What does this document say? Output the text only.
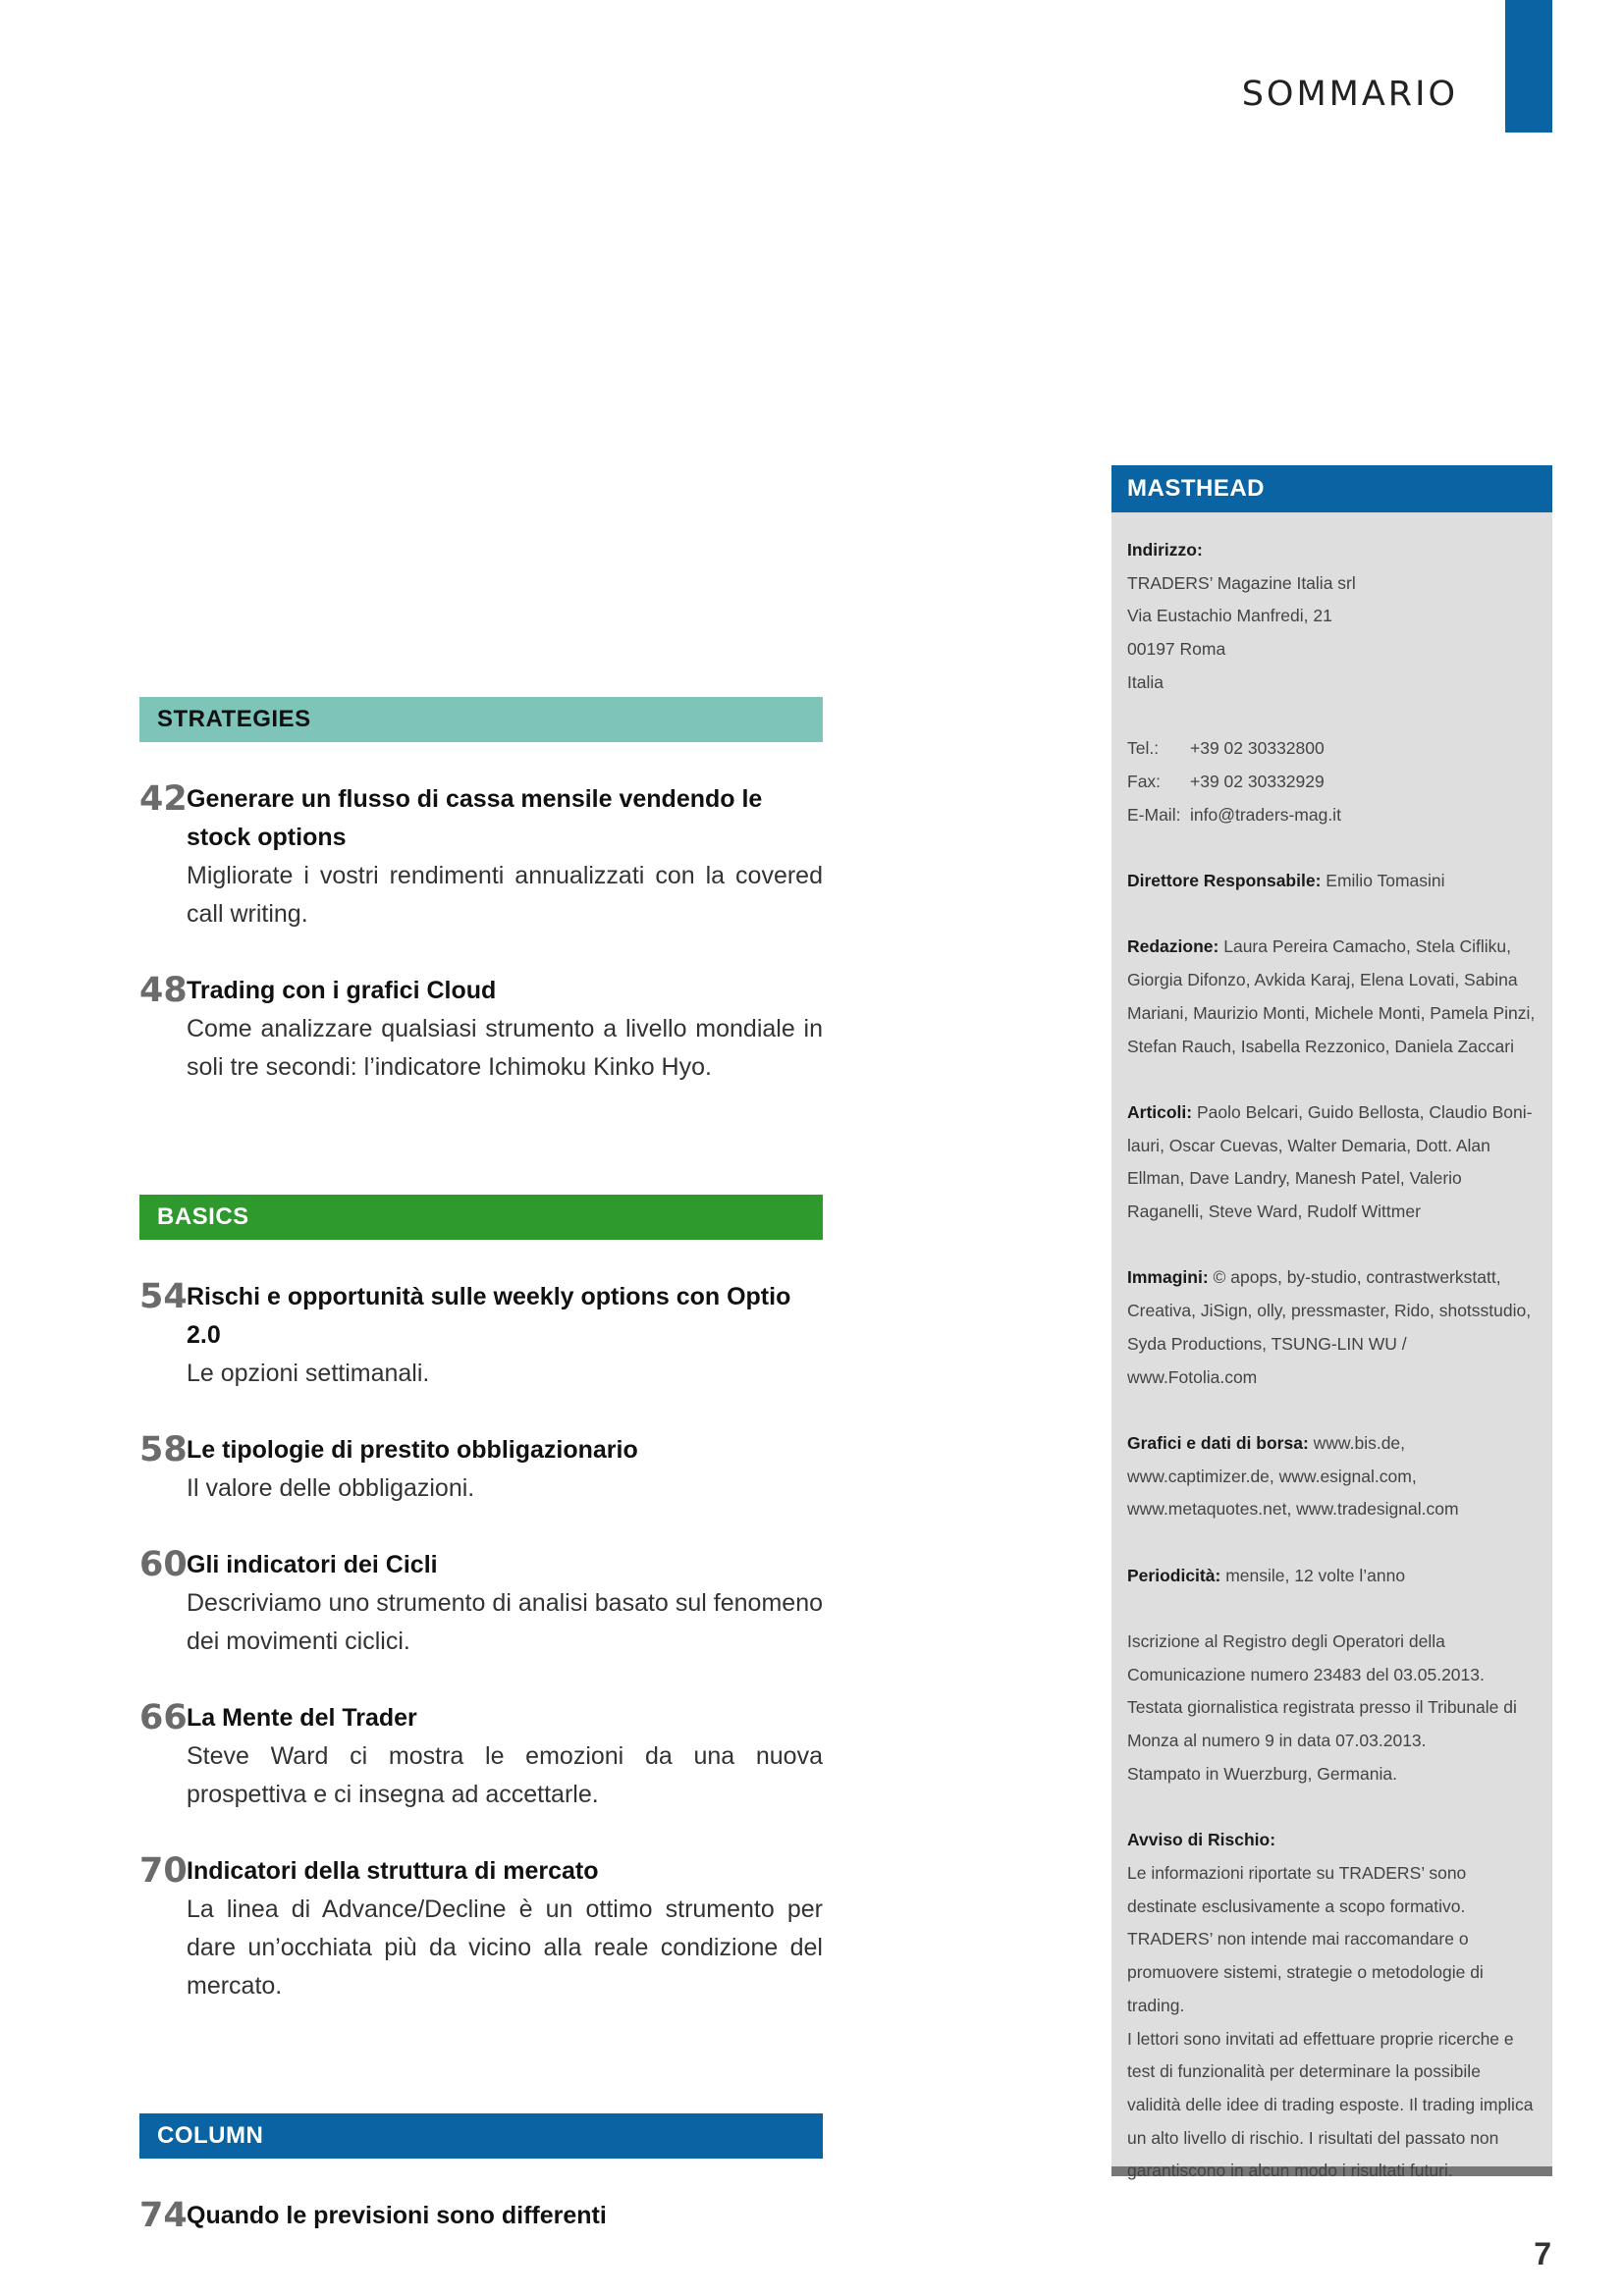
SOMMARIO
STRATEGIES
42 Generare un flusso di cassa mensile vendendo le stock options
Migliorate i vostri rendimenti annualizzati con la covered call writing.
48 Trading con i grafici Cloud
Come analizzare qualsiasi strumento a livello mondiale in soli tre secondi: l’indicatore Ichimoku Kinko Hyo.
BASICS
54 Rischi e opportunità sulle weekly options con Optio 2.0
Le opzioni settimanali.
58 Le tipologie di prestito obbligazionario
Il valore delle obbligazioni.
60 Gli indicatori dei Cicli
Descriviamo uno strumento di analisi basato sul fenomeno dei movimenti ciclici.
66 La Mente del Trader
Steve Ward ci mostra le emozioni da una nuova prospettiva e ci insegna ad accettarle.
70 Indicatori della struttura di mercato
La linea di Advance/Decline è un ottimo strumento per dare un’occhiata più da vicino alla reale condizione del mercato.
COLUMN
74 Quando le previsioni sono differenti
MASTHEAD
Indirizzo:
TRADERS’ Magazine Italia srl
Via Eustachio Manfredi, 21
00197 Roma
Italia
Tel.:	+39 02 30332800
Fax:	+39 02 30332929
E-Mail: info@traders-mag.it
Direttore Responsabile: Emilio Tomasini
Redazione: Laura Pereira Camacho, Stela Cifliku, Giorgia Difonzo, Avkida Karaj, Elena Lovati, Sabina Mariani, Maurizio Monti, Michele Monti, Pamela Pinzi, Stefan Rauch, Isabella Rezzonico, Daniela Zaccari
Articoli: Paolo Belcari, Guido Bellosta, Claudio Boni-lauri, Oscar Cuevas, Walter Demaria, Dott. Alan Ellman, Dave Landry, Manesh Patel, Valerio Raganelli, Steve Ward, Rudolf Wittmer
Immagini: © apops, by-studio, contrastwerkstatt, Creativa, JiSign, olly, pressmaster, Rido, shotsstudio, Syda Productions, TSUNG-LIN WU / www.Fotolia.com
Grafici e dati di borsa: www.bis.de, www.captimizer.de, www.esignal.com, www.metaquotes.net, www.tradesignal.com
Periodicità: mensile, 12 volte l’anno
Iscrizione al Registro degli Operatori della Comunicazione numero 23483 del 03.05.2013.
Testata giornalistica registrata presso il Tribunale di Monza al numero 9 in data 07.03.2013.
Stampato in Wuerzburg, Germania.
Avviso di Rischio:
Le informazioni riportate su TRADERS’ sono destinate esclusivamente a scopo formativo. TRADERS’ non intende mai raccomandare o promuovere sistemi, strategie o metodologie di trading.
I lettori sono invitati ad effettuare proprie ricerche e test di funzionalità per determinare la possibile validità delle idee di trading esposte. Il trading implica un alto livello di rischio. I risultati del passato non garantiscono in alcun modo i risultati futuri.
7
